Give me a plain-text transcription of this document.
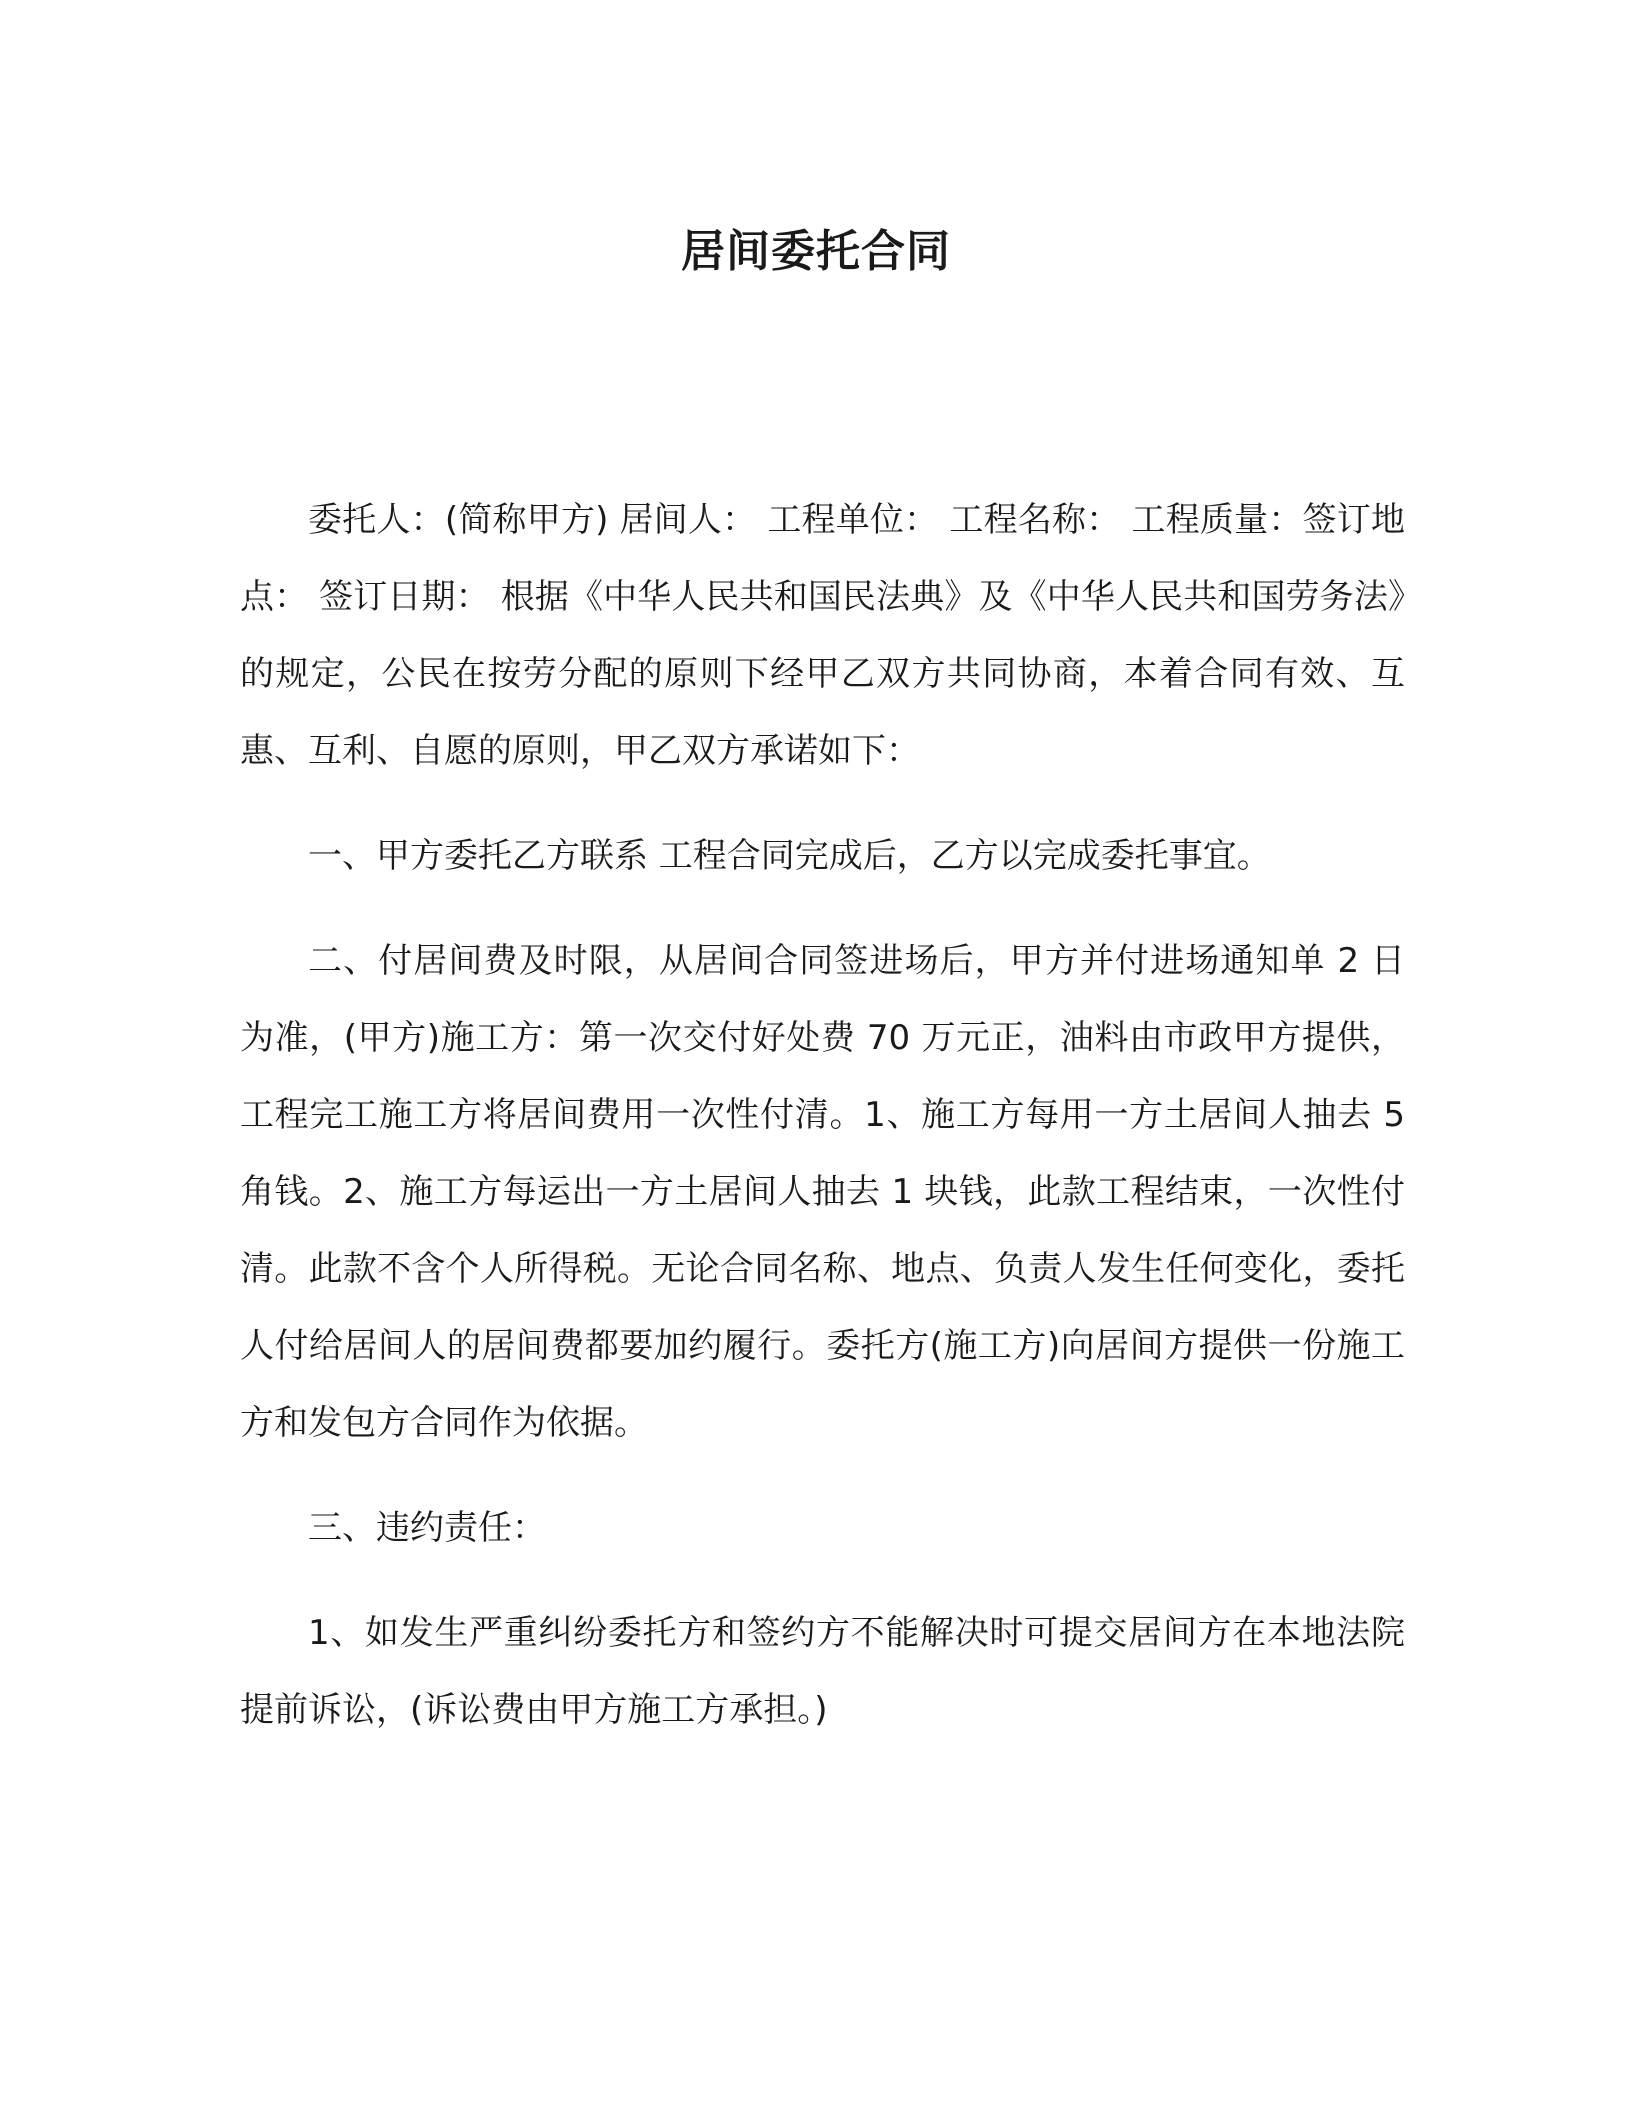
居间委托合同

委托人：(简称甲方) 居间人： 工程单位： 工程名称： 工程质量：签订地点： 签订日期： 根据《中华人民共和国民法典》及《中华人民共和国劳务法》的规定，公民在按劳分配的原则下经甲乙双方共同协商，本着合同有效、互惠、互利、自愿的原则，甲乙双方承诺如下：

一、甲方委托乙方联系 工程合同完成后，乙方以完成委托事宜。

二、付居间费及时限，从居间合同签进场后，甲方并付进场通知单 2 日为准，(甲方)施工方：第一次交付好处费 70 万元正，油料由市政甲方提供，工程完工施工方将居间费用一次性付清。1、施工方每用一方土居间人抽去 5 角钱。2、施工方每运出一方土居间人抽去 1 块钱，此款工程结束，一次性付清。此款不含个人所得税。无论合同名称、地点、负责人发生任何变化，委托人付给居间人的居间费都要加约履行。委托方(施工方)向居间方提供一份施工方和发包方合同作为依据。

三、违约责任：

1、如发生严重纠纷委托方和签约方不能解决时可提交居间方在本地法院提前诉讼，(诉讼费由甲方施工方承担。)
